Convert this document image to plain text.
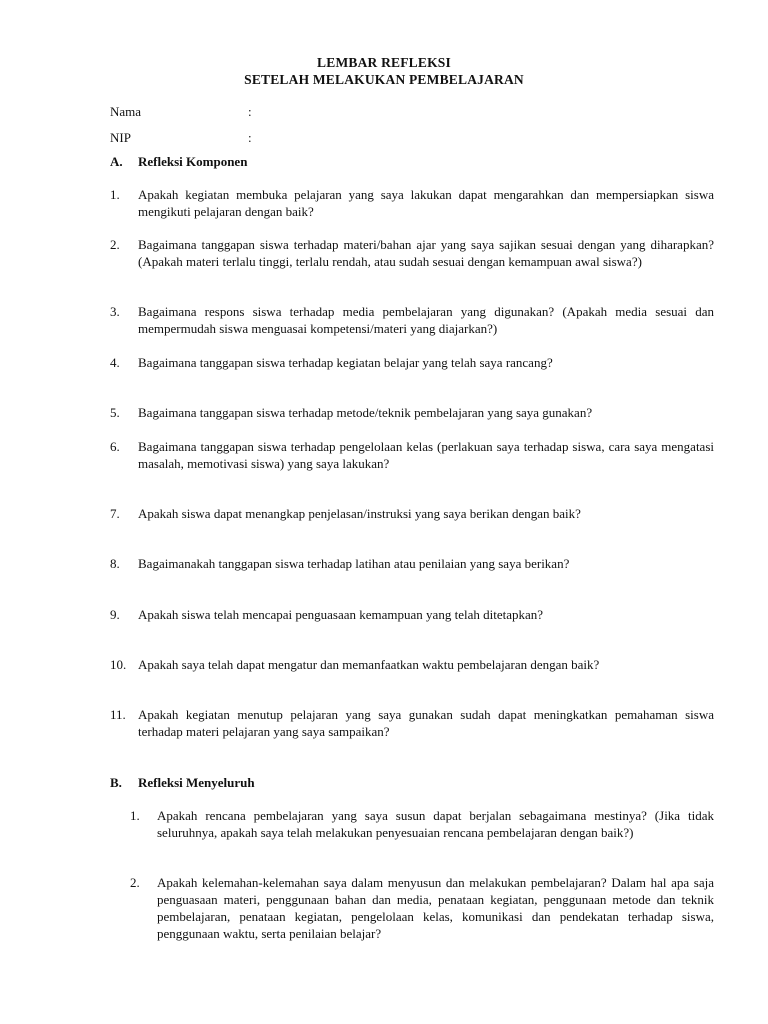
LEMBAR REFLEKSI
SETELAH MELAKUKAN PEMBELAJARAN
Nama	:
NIP	:
A. Refleksi Komponen
1. Apakah kegiatan membuka pelajaran yang saya lakukan dapat mengarahkan dan mempersiapkan siswa mengikuti pelajaran dengan baik?
2. Bagaimana tanggapan siswa terhadap materi/bahan ajar yang saya sajikan sesuai dengan yang diharapkan? (Apakah materi terlalu tinggi, terlalu rendah, atau sudah sesuai dengan kemampuan awal siswa?)
3. Bagaimana respons siswa terhadap media pembelajaran yang digunakan? (Apakah media sesuai dan mempermudah siswa menguasai kompetensi/materi yang diajarkan?)
4. Bagaimana tanggapan siswa terhadap kegiatan belajar yang telah saya rancang?
5. Bagaimana tanggapan siswa terhadap metode/teknik pembelajaran yang saya gunakan?
6. Bagaimana tanggapan siswa terhadap pengelolaan kelas (perlakuan saya terhadap siswa, cara saya mengatasi masalah, memotivasi siswa) yang saya lakukan?
7. Apakah siswa dapat menangkap penjelasan/instruksi yang saya berikan dengan baik?
8. Bagaimanakah tanggapan siswa terhadap latihan atau penilaian yang saya berikan?
9. Apakah siswa telah mencapai penguasaan kemampuan yang telah ditetapkan?
10. Apakah saya telah dapat mengatur dan memanfaatkan waktu pembelajaran dengan baik?
11. Apakah kegiatan menutup pelajaran yang saya gunakan sudah dapat meningkatkan pemahaman siswa terhadap materi pelajaran yang saya sampaikan?
B. Refleksi Menyeluruh
1. Apakah rencana pembelajaran yang saya susun dapat berjalan sebagaimana mestinya? (Jika tidak seluruhnya, apakah saya telah melakukan penyesuaian rencana pembelajaran dengan baik?)
2. Apakah kelemahan-kelemahan saya dalam menyusun dan melakukan pembelajaran? Dalam hal apa saja penguasaan materi, penggunaan bahan dan media, penataan kegiatan, penggunaan metode dan teknik pembelajaran, penataan kegiatan, pengelolaan kelas, komunikasi dan pendekatan terhadap siswa, penggunaan waktu, serta penilaian belajar?
